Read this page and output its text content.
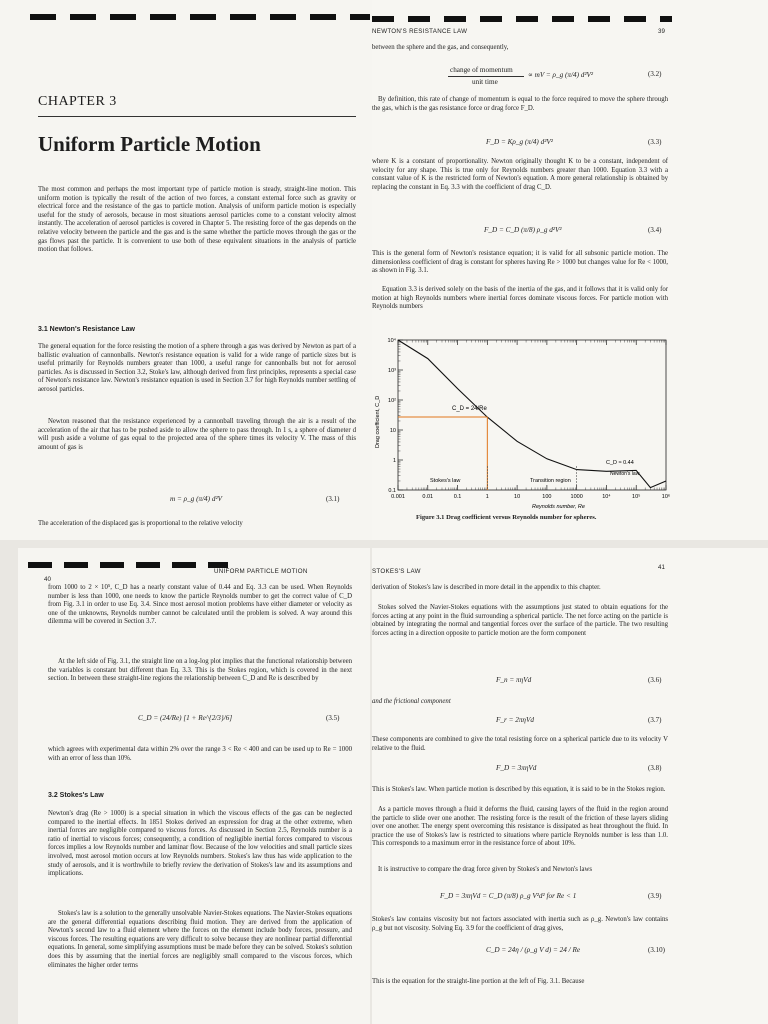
CHAPTER 3
Uniform Particle Motion
The most common and perhaps the most important type of particle motion is steady, straight-line motion. This uniform motion is typically the result of the action of two forces, a constant external force such as gravity or electrical force and the resistance of the gas to particle motion. Analysis of uniform particle motion is especially useful for the study of aerosols, because in most situations aerosol particles come to a constant velocity almost instantly. The acceleration of aerosol particles is covered in Chapter 5. The resisting force of the gas depends on the relative velocity between the particle and the gas and is the same whether the particle moves through the gas or the gas flows past the particle. It is convenient to use both of these equivalent situations in the analysis of particle motion that follows.
3.1 Newton's Resistance Law
The general equation for the force resisting the motion of a sphere through a gas was derived by Newton as part of a ballistic evaluation of cannonballs. Newton's resistance equation is valid for a wide range of particle sizes but is useful primarily for Reynolds numbers greater than 1000, a useful range for cannonballs but not for aerosol particles. As is discussed in Section 3.2, Stoke's law, although derived from first principles, represents a special case of Newton's resistance law. Newton's resistance equation is used in Section 3.7 for high Reynolds number settling of aerosol particles.
Newton reasoned that the resistance experienced by a cannonball traveling through the air is a result of the acceleration of the air that has to be pushed aside to allow the sphere to pass through. In 1 s, a sphere of diameter d will push aside a volume of gas equal to the projected area of the sphere times its velocity V. The mass of this amount of gas is
m = ρ_g (π/4) d²V	(3.1)
The acceleration of the displaced gas is proportional to the relative velocity
NEWTON'S RESISTANCE LAW	39
between the sphere and the gas, and consequently,
change of momentum
unit time
∝ mV = ρ_g (π/4) d²V²	(3.2)
By definition, this rate of change of momentum is equal to the force required to move the sphere through the gas, which is the gas resistance force or drag force F_D.
F_D = Kρ_g (π/4) d²V²	(3.3)
where K is a constant of proportionality. Newton originally thought K to be a constant, independent of velocity for any shape. This is true only for Reynolds numbers greater than 1000. Equation 3.3 with a constant value of K is the restricted form of Newton's equation. A more general relationship is obtained by replacing the constant in Eq. 3.3 with the coefficient of drag C_D.
F_D = C_D (π/8) ρ_g d²V²	(3.4)
This is the general form of Newton's resistance equation; it is valid for all subsonic particle motion. The dimensionless coefficient of drag is constant for spheres having Re > 1000 but changes value for Re < 1000, as shown in Fig. 3.1.
Equation 3.3 is derived solely on the basis of the inertia of the gas, and it follows that it is valid only for motion at high Reynolds numbers where inertial forces dominate viscous forces. For particle motion with Reynolds numbers
0.001	0.01	0.1	1	10	100	1000	10⁴	10⁵	10⁶
0.1
1
10
10²
10³
10⁴
C_D = 24/Re
C_D ≈ 0.44
Stokes's law	Transition region
Newton's law
Reynolds number, Re
Drag coefficient, C_D
Figure 3.1 Drag coefficient versus Reynolds number for spheres.
40
UNIFORM PARTICLE MOTION
from 1000 to 2 × 10⁵, C_D has a nearly constant value of 0.44 and Eq. 3.3 can be used. When Reynolds number is less than 1000, one needs to know the particle Reynolds number to get the correct value of C_D from Fig. 3.1 in order to use Eq. 3.4. Since most aerosol motion problems have either diameter or velocity as one of the unknowns, Reynolds number cannot be calculated until the problem is solved. A way around this dilemma will be covered in Section 3.7.
At the left side of Fig. 3.1, the straight line on a log-log plot implies that the functional relationship between the variables is constant but different than Eq. 3.3. This is the Stokes region, which is covered in the next section. In between these straight-line regions the relationship between C_D and Re is described by
C_D = (24/Re) [1 + Re^{2/3}/6]	(3.5)
which agrees with experimental data within 2% over the range 3 < Re < 400 and can be used up to Re = 1000 with an error of less than 10%.
3.2 Stokes's Law
Newton's drag (Re > 1000) is a special situation in which the viscous effects of the gas can be neglected compared to the inertial effects. In 1851 Stokes derived an expression for drag at the other extreme, when inertial forces are negligible compared to viscous forces. As discussed in Section 2.5, Reynolds number is a ratio of inertial to viscous forces; consequently, a condition of negligible inertial forces compared to viscous forces implies a low Reynolds number and laminar flow. Because of the low velocities and small particle sizes involved, most aerosol motion occurs at low Reynolds numbers. Stokes's law thus has wide application to the study of aerosols, and it is worthwhile to briefly review the derivation of Stokes's law and its assumptions and implications.
Stokes's law is a solution to the generally unsolvable Navier-Stokes equations. The Navier-Stokes equations are the general differential equations describing fluid motion. They are derived from the application of Newton's second law to a fluid element where the forces on the element include body forces, pressure, and viscous forces. The resulting equations are very difficult to solve because they are nonlinear partial differential equations. In general, some simplifying assumptions must be made before they can be solved. Stokes's solution does this by assuming that the inertial forces are negligibly small compared to the viscous forces, which eliminates the higher order terms
STOKES'S LAW
41
derivation of Stokes's law is described in more detail in the appendix to this chapter.
Stokes solved the Navier-Stokes equations with the assumptions just stated to obtain equations for the forces acting at any point in the fluid surrounding a spherical particle. The net force acting on the particle is obtained by integrating the normal and tangential forces over the surface of the particle. The two resulting forces acting in a direction opposite to particle motion are the form component
F_n = πηVd	(3.6)
and the frictional component
F_r = 2πηVd	(3.7)
These components are combined to give the total resisting force on a spherical particle due to its velocity V relative to the fluid.
F_D = 3πηVd	(3.8)
This is Stokes's law. When particle motion is described by this equation, it is said to be in the Stokes region.
As a particle moves through a fluid it deforms the fluid, causing layers of the fluid in the region around the particle to slide over one another. The resisting force is the result of the friction of these layers sliding over one another. The energy spent overcoming this resistance is dissipated as heat throughout the fluid. In practice the use of Stokes's law is restricted to situations where particle Reynolds number is less than 1.0. This corresponds to a maximum error in the resistance force of about 10%.
It is instructive to compare the drag force given by Stokes's and Newton's laws
F_D = 3πηVd = C_D (π/8) ρ_g V²d² for Re < 1	(3.9)
Stokes's law contains viscosity but not factors associated with inertia such as ρ_g. Newton's law contains ρ_g but not viscosity. Solving Eq. 3.9 for the coefficient of drag gives,
C_D = 24η / (ρ_g V d) = 24 / Re	(3.10)
This is the equation for the straight-line portion at the left of Fig. 3.1. Because
